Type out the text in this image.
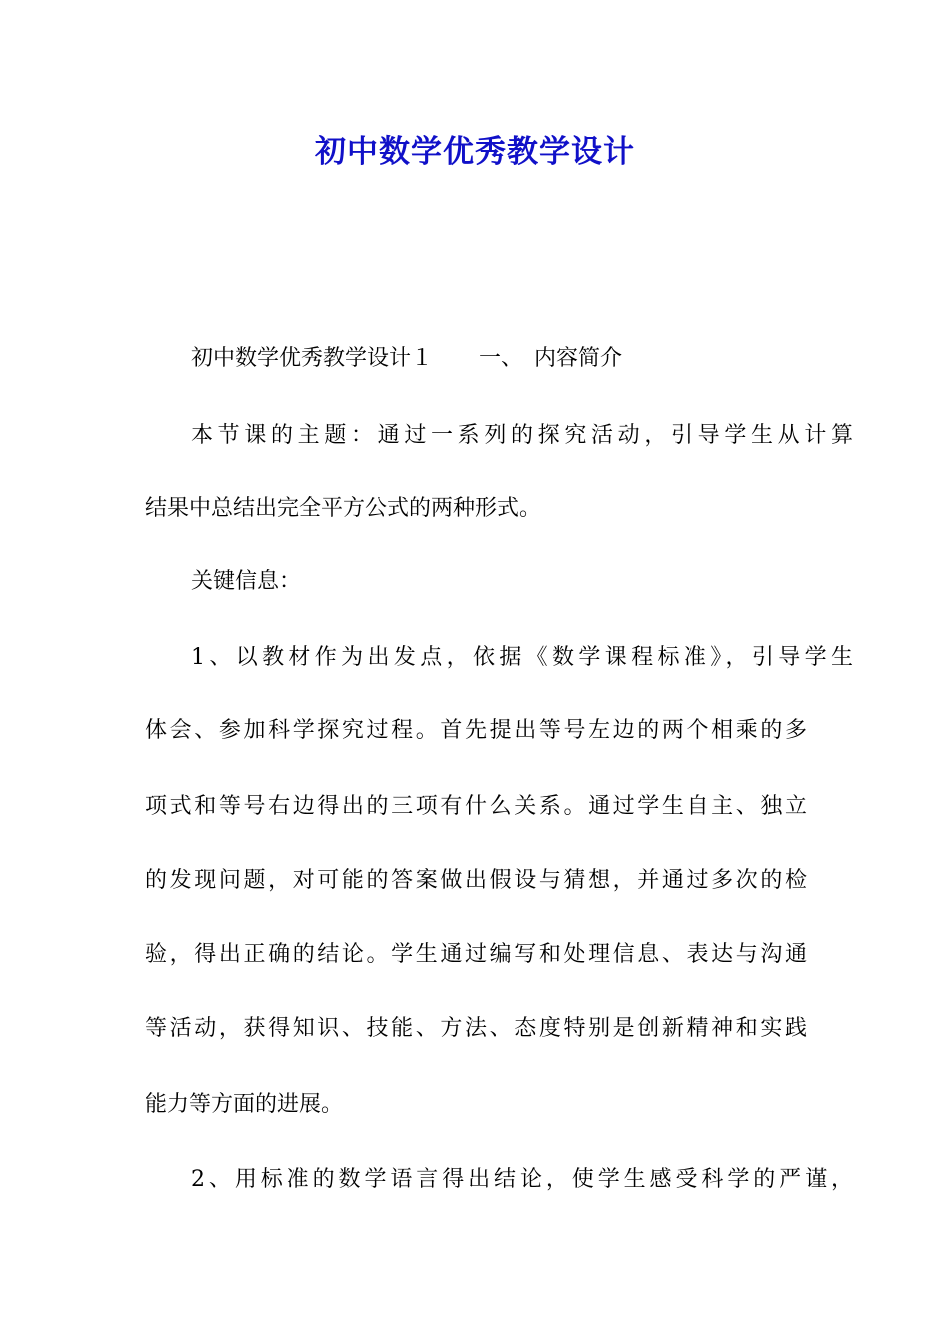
初中数学优秀教学设计
初中数学优秀教学设计１ 一、　内容简介
本节课的主题：通过一系列的探究活动，引导学生从计算
结果中总结出完全平方公式的两种形式。
关键信息：
1、以教材作为出发点，依据《数学课程标准》，引导学生
体会、参加科学探究过程。首先提出等号左边的两个相乘的多
项式和等号右边得出的三项有什么关系。通过学生自主、独立
的发现问题，对可能的答案做出假设与猜想，并通过多次的检
验，得出正确的结论。学生通过编写和处理信息、表达与沟通
等活动，获得知识、技能、方法、态度特别是创新精神和实践
能力等方面的进展。
2、用标准的数学语言得出结论，使学生感受科学的严谨，
